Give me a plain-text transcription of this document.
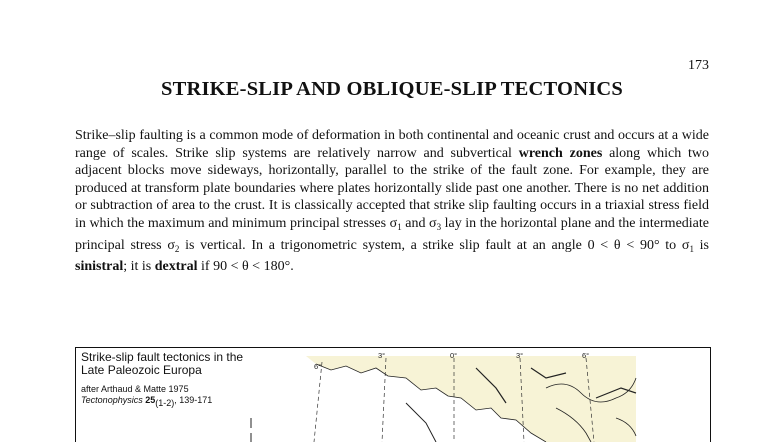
173
STRIKE-SLIP AND OBLIQUE-SLIP TECTONICS
Strike–slip faulting is a common mode of deformation in both continental and oceanic crust and occurs at a wide range of scales. Strike slip systems are relatively narrow and subvertical wrench zones along which two adjacent blocks move sideways, horizontally, parallel to the strike of the fault zone. For example, they are produced at transform plate boundaries where plates horizontally slide past one another. There is no net addition or subtraction of area to the crust. It is classically accepted that strike slip faulting occurs in a triaxial stress field in which the maximum and minimum principal stresses $\sigma_1$ and $\sigma_3$ lay in the horizontal plane and the intermediate principal stress $\sigma_2$ is vertical. In a trigonometric system, a strike slip fault at an angle 0 < θ < 90° to $\sigma_1$ is sinistral; it is dextral if 90 < θ < 180°.
6°
3°	0°	3°	6°
Strike-slip fault tectonics in the
Late Paleozoic Europa
after Arthaud & Matte 1975
Tectonophysics $25_{(1-2)}$, 139-171
